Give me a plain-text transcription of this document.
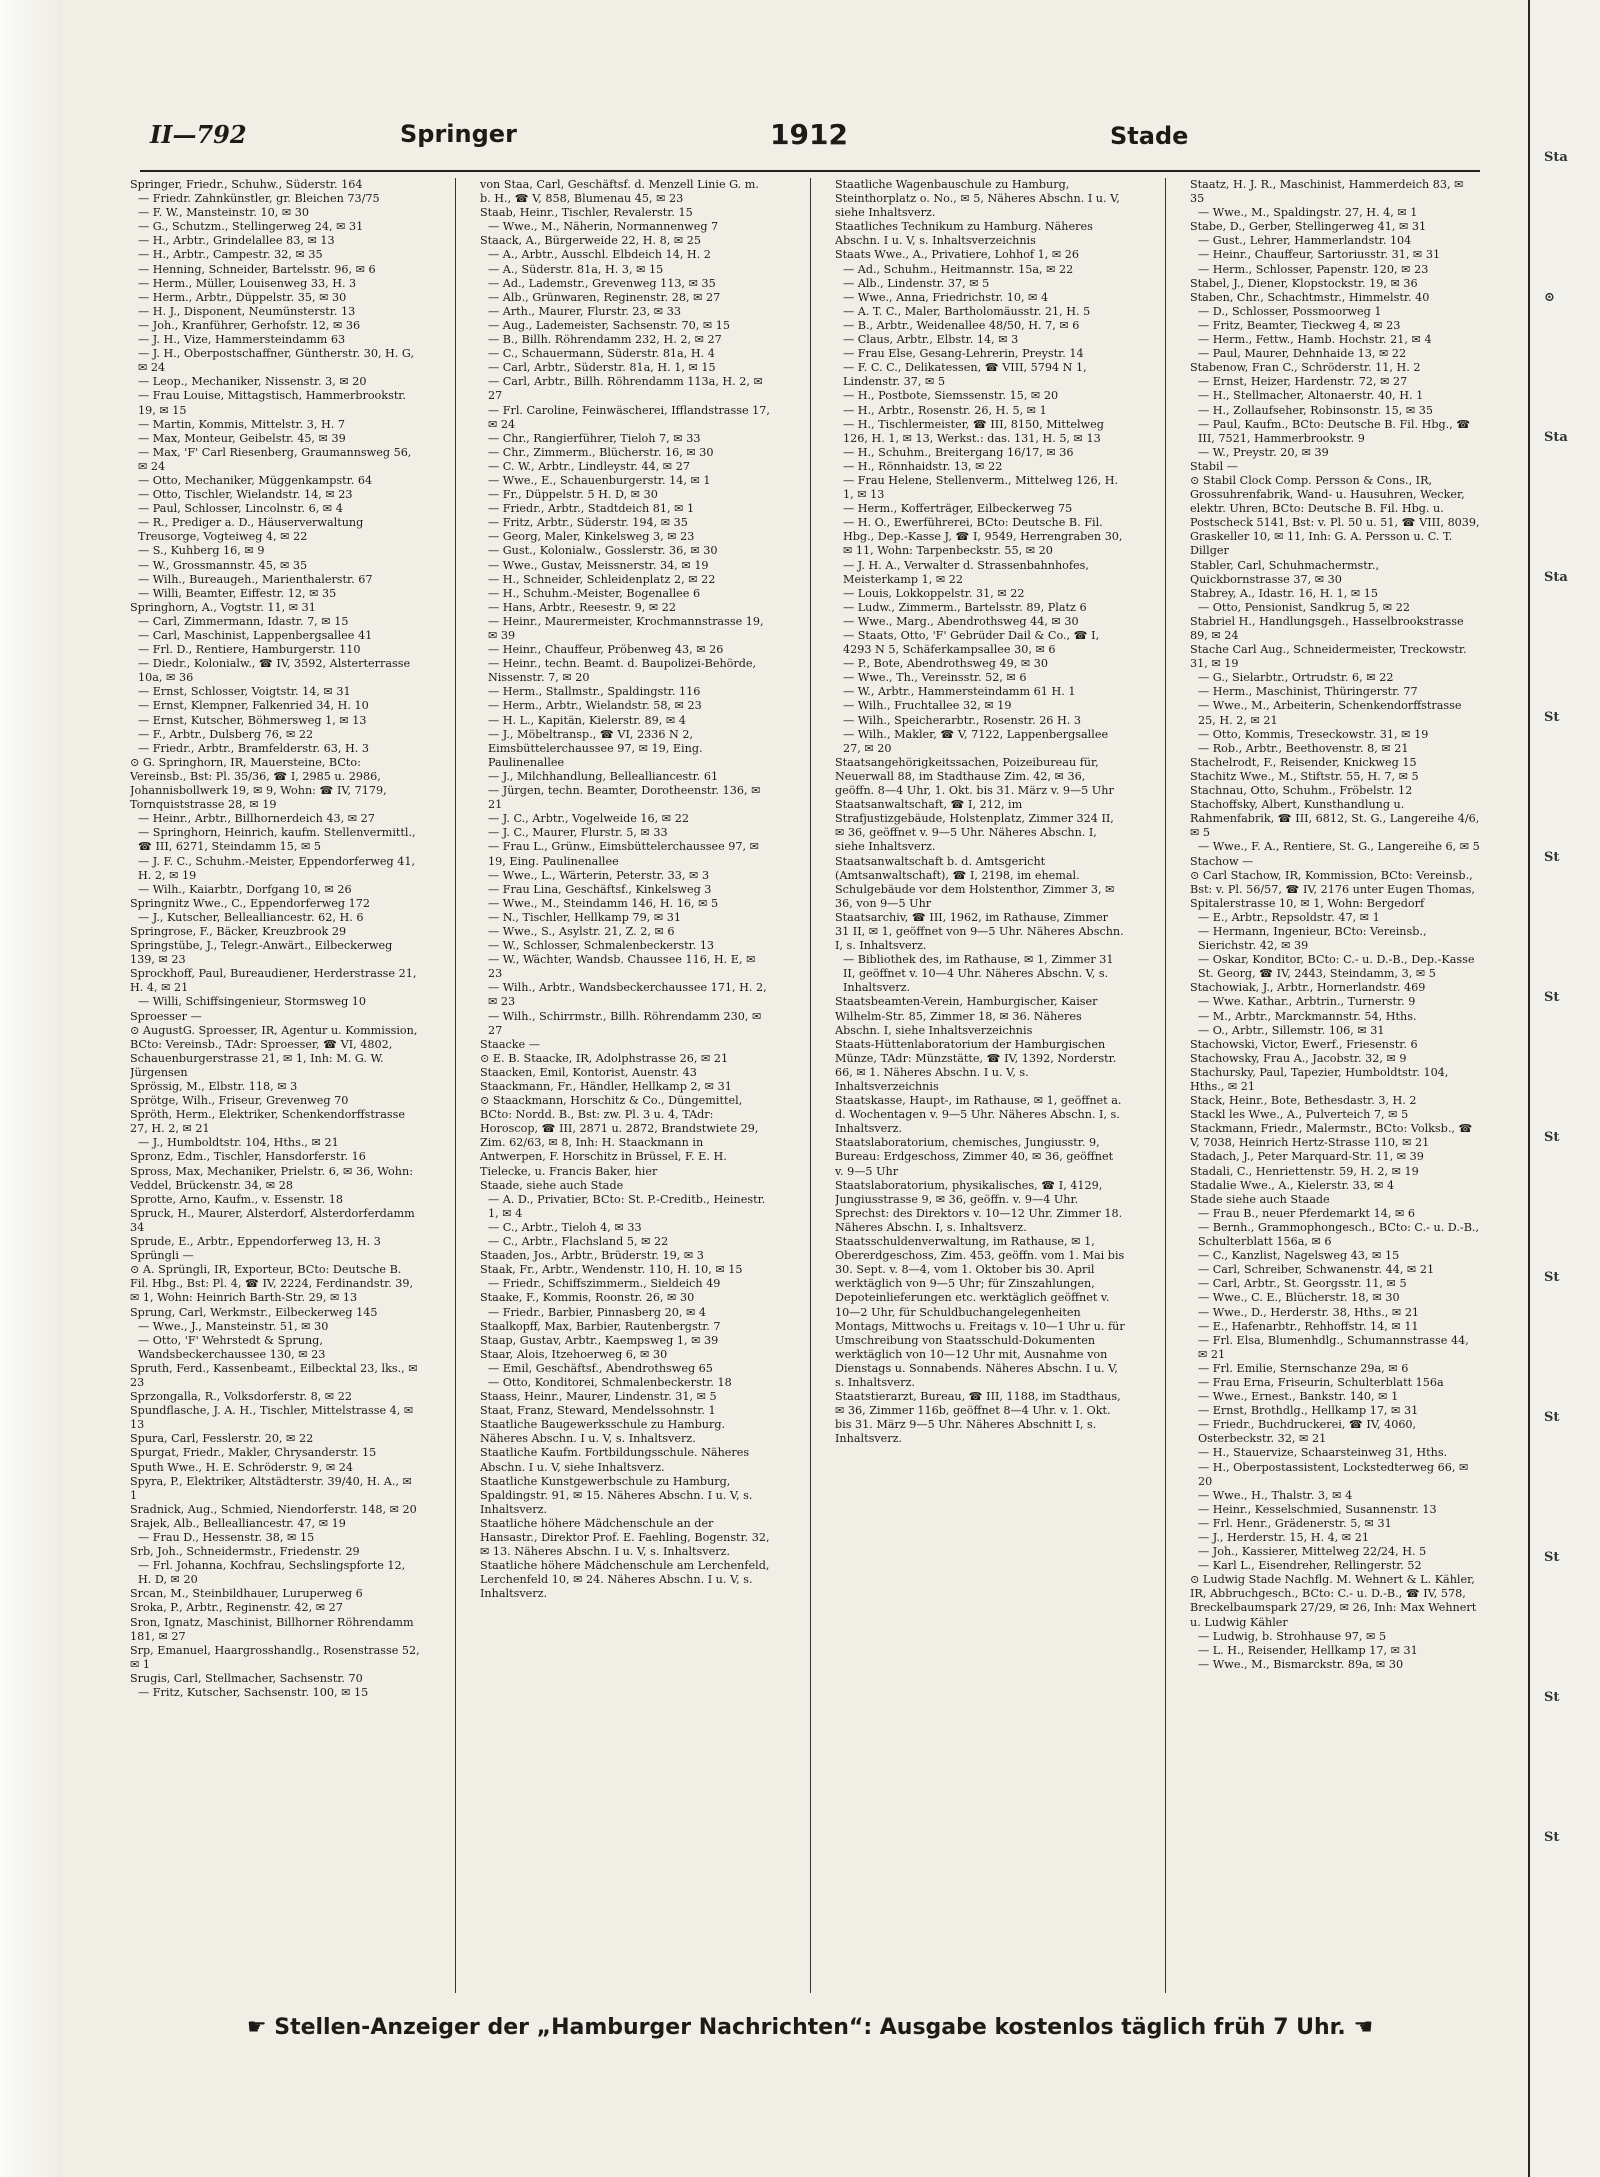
Sta
⊙
Sta
Sta
St
St
St
St
St
St
St
St
St
II—792	Springer	1912	Stade

Springer, Friedr., Schuhw., Süderstr. 164

— Friedr. Zahnkünstler, gr. Bleichen 73/75

— F. W., Mansteinstr. 10, ✉ 30

— G., Schutzm., Stellingerweg 24, ✉ 31

— H., Arbtr., Grindelallee 83, ✉ 13

— H., Arbtr., Campestr. 32, ✉ 35

— Henning, Schneider, Bartelsstr. 96, ✉ 6

— Herm., Müller, Louisenweg 33, H. 3

— Herm., Arbtr., Düppelstr. 35, ✉ 30

— H. J., Disponent, Neumünsterstr. 13

— Joh., Kranführer, Gerhofstr. 12, ✉ 36

— J. H., Vize, Hammersteindamm 63

— J. H., Oberpostschaffner, Güntherstr. 30, H. G, ✉ 24

— Leop., Mechaniker, Nissenstr. 3, ✉ 20

— Frau Louise, Mittagstisch, Hammerbrookstr. 19, ✉ 15

— Martin, Kommis, Mittelstr. 3, H. 7

— Max, Monteur, Geibelstr. 45, ✉ 39

— Max, 'F' Carl Riesenberg, Graumannsweg 56, ✉ 24

— Otto, Mechaniker, Müggenkampstr. 64

— Otto, Tischler, Wielandstr. 14, ✉ 23

— Paul, Schlosser, Lincolnstr. 6, ✉ 4

— R., Prediger a. D., Häuserverwaltung Treusorge, Vogteiweg 4, ✉ 22

— S., Kuhberg 16, ✉ 9

— W., Grossmannstr. 45, ✉ 35

— Wilh., Bureaugeh., Marienthalerstr. 67

— Willi, Beamter, Eiffestr. 12, ✉ 35

Springhorn, A., Vogtstr. 11, ✉ 31

— Carl, Zimmermann, Idastr. 7, ✉ 15

— Carl, Maschinist, Lappenbergsallee 41

— Frl. D., Rentiere, Hamburgerstr. 110

— Diedr., Kolonialw., ☎ IV, 3592, Alsterterrasse 10a, ✉ 36

— Ernst, Schlosser, Voigtstr. 14, ✉ 31

— Ernst, Klempner, Falkenried 34, H. 10

— Ernst, Kutscher, Böhmersweg 1, ✉ 13

— F., Arbtr., Dulsberg 76, ✉ 22

— Friedr., Arbtr., Bramfelderstr. 63, H. 3

⊙ G. Springhorn, IR, Mauersteine, BCto: Vereinsb., Bst: Pl. 35/36, ☎ I, 2985 u. 2986, Johannisbollwerk 19, ✉ 9, Wohn: ☎ IV, 7179, Tornquiststrasse 28, ✉ 19

— Heinr., Arbtr., Billhornerdeich 43, ✉ 27

— Springhorn, Heinrich, kaufm. Stellenvermittl., ☎ III, 6271, Steindamm 15, ✉ 5

— J. F. C., Schuhm.-Meister, Eppendorferweg 41, H. 2, ✉ 19

— Wilh., Kaiarbtr., Dorfgang 10, ✉ 26

Springnitz Wwe., C., Eppendorferweg 172

— J., Kutscher, Bellealliancestr. 62, H. 6

Springrose, F., Bäcker, Kreuzbrook 29

Springstübe, J., Telegr.-Anwärt., Eilbeckerweg 139, ✉ 23

Sprockhoff, Paul, Bureaudiener, Herderstrasse 21, H. 4, ✉ 21

— Willi, Schiffsingenieur, Stormsweg 10

Sproesser —

⊙ AugustG. Sproesser, IR, Agentur u. Kommission, BCto: Vereinsb., TAdr: Sproesser, ☎ VI, 4802, Schauenburgerstrasse 21, ✉ 1, Inh: M. G. W. Jürgensen

Sprössig, M., Elbstr. 118, ✉ 3

Sprötge, Wilh., Friseur, Grevenweg 70

Spröth, Herm., Elektriker, Schenkendorffstrasse 27, H. 2, ✉ 21

— J., Humboldtstr. 104, Hths., ✉ 21

Spronz, Edm., Tischler, Hansdorferstr. 16

Spross, Max, Mechaniker, Prielstr. 6, ✉ 36, Wohn: Veddel, Brückenstr. 34, ✉ 28

Sprotte, Arno, Kaufm., v. Essenstr. 18

Spruck, H., Maurer, Alsterdorf, Alsterdorferdamm 34

Sprude, E., Arbtr., Eppendorferweg 13, H. 3

Sprüngli —

⊙ A. Sprüngli, IR, Exporteur, BCto: Deutsche B. Fil. Hbg., Bst: Pl. 4, ☎ IV, 2224, Ferdinandstr. 39, ✉ 1, Wohn: Heinrich Barth-Str. 29, ✉ 13

Sprung, Carl, Werkmstr., Eilbeckerweg 145

— Wwe., J., Mansteinstr. 51, ✉ 30

— Otto, 'F' Wehrstedt & Sprung, Wandsbeckerchaussee 130, ✉ 23

Spruth, Ferd., Kassenbeamt., Eilbecktal 23, lks., ✉ 23

Sprzongalla, R., Volksdorferstr. 8, ✉ 22

Spundflasche, J. A. H., Tischler, Mittelstrasse 4, ✉ 13

Spura, Carl, Fesslerstr. 20, ✉ 22

Spurgat, Friedr., Makler, Chrysanderstr. 15

Sputh Wwe., H. E. Schröderstr. 9, ✉ 24

Spyra, P., Elektriker, Altstädterstr. 39/40, H. A., ✉ 1

Sradnick, Aug., Schmied, Niendorferstr. 148, ✉ 20

Srajek, Alb., Bellealliancestr. 47, ✉ 19

— Frau D., Hessenstr. 38, ✉ 15

Srb, Joh., Schneidermstr., Friedenstr. 29

— Frl. Johanna, Kochfrau, Sechslingspforte 12, H. D, ✉ 20

Srcan, M., Steinbildhauer, Luruperweg 6

Sroka, P., Arbtr., Reginenstr. 42, ✉ 27

Sron, Ignatz, Maschinist, Billhorner Röhrendamm 181, ✉ 27

Srp, Emanuel, Haargrosshandlg., Rosenstrasse 52, ✉ 1

Srugis, Carl, Stellmacher, Sachsenstr. 70

— Fritz, Kutscher, Sachsenstr. 100, ✉ 15

von Staa, Carl, Geschäftsf. d. Menzell Linie G. m. b. H., ☎ V, 858, Blumenau 45, ✉ 23

Staab, Heinr., Tischler, Revalerstr. 15

— Wwe., M., Näherin, Normannenweg 7

Staack, A., Bürgerweide 22, H. 8, ✉ 25

— A., Arbtr., Ausschl. Elbdeich 14, H. 2

— A., Süderstr. 81a, H. 3, ✉ 15

— Ad., Lademstr., Grevenweg 113, ✉ 35

— Alb., Grünwaren, Reginenstr. 28, ✉ 27

— Arth., Maurer, Flurstr. 23, ✉ 33

— Aug., Lademeister, Sachsenstr. 70, ✉ 15

— B., Billh. Röhrendamm 232, H. 2, ✉ 27

— C., Schauermann, Süderstr. 81a, H. 4

— Carl, Arbtr., Süderstr. 81a, H. 1, ✉ 15

— Carl, Arbtr., Billh. Röhrendamm 113a, H. 2, ✉ 27

— Frl. Caroline, Feinwäscherei, Ifflandstrasse 17, ✉ 24

— Chr., Rangierführer, Tieloh 7, ✉ 33

— Chr., Zimmerm., Blücherstr. 16, ✉ 30

— C. W., Arbtr., Lindleystr. 44, ✉ 27

— Wwe., E., Schauenburgerstr. 14, ✉ 1

— Fr., Düppelstr. 5 H. D, ✉ 30

— Friedr., Arbtr., Stadtdeich 81, ✉ 1

— Fritz, Arbtr., Süderstr. 194, ✉ 35

— Georg, Maler, Kinkelsweg 3, ✉ 23

— Gust., Kolonialw., Gosslerstr. 36, ✉ 30

— Wwe., Gustav, Meissnerstr. 34, ✉ 19

— H., Schneider, Schleidenplatz 2, ✉ 22

— H., Schuhm.-Meister, Bogenallee 6

— Hans, Arbtr., Reesestr. 9, ✉ 22

— Heinr., Maurermeister, Krochmannstrasse 19, ✉ 39

— Heinr., Chauffeur, Pröbenweg 43, ✉ 26

— Heinr., techn. Beamt. d. Baupolizei-Behörde, Nissenstr. 7, ✉ 20

— Herm., Stallmstr., Spaldingstr. 116

— Herm., Arbtr., Wielandstr. 58, ✉ 23

— H. L., Kapitän, Kielerstr. 89, ✉ 4

— J., Möbeltransp., ☎ VI, 2336 N 2, Eimsbüttelerchaussee 97, ✉ 19, Eing. Paulinenallee

— J., Milchhandlung, Bellealliancestr. 61

— Jürgen, techn. Beamter, Dorotheenstr. 136, ✉ 21

— J. C., Arbtr., Vogelweide 16, ✉ 22

— J. C., Maurer, Flurstr. 5, ✉ 33

— Frau L., Grünw., Eimsbüttelerchaussee 97, ✉ 19, Eing. Paulinenallee

— Wwe., L., Wärterin, Peterstr. 33, ✉ 3

— Frau Lina, Geschäftsf., Kinkelsweg 3

— Wwe., M., Steindamm 146, H. 16, ✉ 5

— N., Tischler, Hellkamp 79, ✉ 31

— Wwe., S., Asylstr. 21, Z. 2, ✉ 6

— W., Schlosser, Schmalenbeckerstr. 13

— W., Wächter, Wandsb. Chaussee 116, H. E, ✉ 23

— Wilh., Arbtr., Wandsbeckerchaussee 171, H. 2, ✉ 23

— Wilh., Schirrmstr., Billh. Röhrendamm 230, ✉ 27

Staacke —

⊙ E. B. Staacke, IR, Adolphstrasse 26, ✉ 21

Staacken, Emil, Kontorist, Auenstr. 43

Staackmann, Fr., Händler, Hellkamp 2, ✉ 31

⊙ Staackmann, Horschitz & Co., Düngemittel, BCto: Nordd. B., Bst: zw. Pl. 3 u. 4, TAdr: Horoscop, ☎ III, 2871 u. 2872, Brandstwiete 29, Zim. 62/63, ✉ 8, Inh: H. Staackmann in Antwerpen, F. Horschitz in Brüssel, F. E. H. Tielecke, u. Francis Baker, hier

Staade, siehe auch Stade

— A. D., Privatier, BCto: St. P.-Creditb., Heinestr. 1, ✉ 4

— C., Arbtr., Tieloh 4, ✉ 33

— C., Arbtr., Flachsland 5, ✉ 22

Staaden, Jos., Arbtr., Brüderstr. 19, ✉ 3

Staak, Fr., Arbtr., Wendenstr. 110, H. 10, ✉ 15

— Friedr., Schiffszimmerm., Sieldeich 49

Staake, F., Kommis, Roonstr. 26, ✉ 30

— Friedr., Barbier, Pinnasberg 20, ✉ 4

Staalkopff, Max, Barbier, Rautenbergstr. 7

Staap, Gustav, Arbtr., Kaempsweg 1, ✉ 39

Staar, Alois, Itzehoerweg 6, ✉ 30

— Emil, Geschäftsf., Abendrothsweg 65

— Otto, Konditorei, Schmalenbeckerstr. 18

Staass, Heinr., Maurer, Lindenstr. 31, ✉ 5

Staat, Franz, Steward, Mendelssohnstr. 1

Staatliche Baugewerksschule zu Hamburg. Näheres Abschn. I u. V, s. Inhaltsverz.

Staatliche Kaufm. Fortbildungsschule. Näheres Abschn. I u. V, siehe Inhaltsverz.

Staatliche Kunstgewerbschule zu Hamburg, Spaldingstr. 91, ✉ 15. Näheres Abschn. I u. V, s. Inhaltsverz.

Staatliche höhere Mädchenschule an der Hansastr., Direktor Prof. E. Faehling, Bogenstr. 32, ✉ 13. Näheres Abschn. I u. V, s. Inhaltsverz.

Staatliche höhere Mädchenschule am Lerchenfeld, Lerchenfeld 10, ✉ 24. Näheres Abschn. I u. V, s. Inhaltsverz.

Staatliche Wagenbauschule zu Hamburg, Steinthorplatz o. No., ✉ 5, Näheres Abschn. I u. V, siehe Inhaltsverz.

Staatliches Technikum zu Hamburg. Näheres Abschn. I u. V, s. Inhaltsverzeichnis

Staats Wwe., A., Privatiere, Lohhof 1, ✉ 26

— Ad., Schuhm., Heitmannstr. 15a, ✉ 22

— Alb., Lindenstr. 37, ✉ 5

— Wwe., Anna, Friedrichstr. 10, ✉ 4

— A. T. C., Maler, Bartholomäusstr. 21, H. 5

— B., Arbtr., Weidenallee 48/50, H. 7, ✉ 6

— Claus, Arbtr., Elbstr. 14, ✉ 3

— Frau Else, Gesang-Lehrerin, Preystr. 14

— F. C. C., Delikatessen, ☎ VIII, 5794 N 1, Lindenstr. 37, ✉ 5

— H., Postbote, Siemssenstr. 15, ✉ 20

— H., Arbtr., Rosenstr. 26, H. 5, ✉ 1

— H., Tischlermeister, ☎ III, 8150, Mittelweg 126, H. 1, ✉ 13, Werkst.: das. 131, H. 5, ✉ 13

— H., Schuhm., Breitergang 16/17, ✉ 36

— H., Rönnhaidstr. 13, ✉ 22

— Frau Helene, Stellenverm., Mittelweg 126, H. 1, ✉ 13

— Herm., Kofferträger, Eilbeckerweg 75

— H. O., Ewerführerei, BCto: Deutsche B. Fil. Hbg., Dep.-Kasse J, ☎ I, 9549, Herrengraben 30, ✉ 11, Wohn: Tarpenbeckstr. 55, ✉ 20

— J. H. A., Verwalter d. Strassenbahnhofes, Meisterkamp 1, ✉ 22

— Louis, Lokkoppelstr. 31, ✉ 22

— Ludw., Zimmerm., Bartelsstr. 89, Platz 6

— Wwe., Marg., Abendrothsweg 44, ✉ 30

— Staats, Otto, 'F' Gebrüder Dail & Co., ☎ I, 4293 N 5, Schäferkampsallee 30, ✉ 6

— P., Bote, Abendrothsweg 49, ✉ 30

— Wwe., Th., Vereinsstr. 52, ✉ 6

— W., Arbtr., Hammersteindamm 61 H. 1

— Wilh., Fruchtallee 32, ✉ 19

— Wilh., Speicherarbtr., Rosenstr. 26 H. 3

— Wilh., Makler, ☎ V, 7122, Lappenbergsallee 27, ✉ 20

Staatsangehörigkeitssachen, Poizeibureau für, Neuerwall 88, im Stadthause Zim. 42, ✉ 36, geöffn. 8—4 Uhr, 1. Okt. bis 31. März v. 9—5 Uhr

Staatsanwaltschaft, ☎ I, 212, im Strafjustizgebäude, Holstenplatz, Zimmer 324 II, ✉ 36, geöffnet v. 9—5 Uhr. Näheres Abschn. I, siehe Inhaltsverz.

Staatsanwaltschaft b. d. Amtsgericht (Amtsanwaltschaft), ☎ I, 2198, im ehemal. Schulgebäude vor dem Holstenthor, Zimmer 3, ✉ 36, von 9—5 Uhr

Staatsarchiv, ☎ III, 1962, im Rathause, Zimmer 31 II, ✉ 1, geöffnet von 9—5 Uhr. Näheres Abschn. I, s. Inhaltsverz.

— Bibliothek des, im Rathause, ✉ 1, Zimmer 31 II, geöffnet v. 10—4 Uhr. Näheres Abschn. V, s. Inhaltsverz.

Staatsbeamten-Verein, Hamburgischer, Kaiser Wilhelm-Str. 85, Zimmer 18, ✉ 36. Näheres Abschn. I, siehe Inhaltsverzeichnis

Staats-Hüttenlaboratorium der Hamburgischen Münze, TAdr: Münzstätte, ☎ IV, 1392, Norderstr. 66, ✉ 1. Näheres Abschn. I u. V, s. Inhaltsverzeichnis

Staatskasse, Haupt-, im Rathause, ✉ 1, geöffnet a. d. Wochentagen v. 9—5 Uhr. Näheres Abschn. I, s. Inhaltsverz.

Staatslaboratorium, chemisches, Jungiusstr. 9, Bureau: Erdgeschoss, Zimmer 40, ✉ 36, geöffnet v. 9—5 Uhr

Staatslaboratorium, physikalisches, ☎ I, 4129, Jungiusstrasse 9, ✉ 36, geöffn. v. 9—4 Uhr. Sprechst: des Direktors v. 10—12 Uhr. Zimmer 18. Näheres Abschn. I, s. Inhaltsverz.

Staatsschuldenverwaltung, im Rathause, ✉ 1, Obererdgeschoss, Zim. 453, geöffn. vom 1. Mai bis 30. Sept. v. 8—4, vom 1. Oktober bis 30. April werktäglich von 9—5 Uhr; für Zinszahlungen, Depoteinlieferungen etc. werktäglich geöffnet v. 10—2 Uhr, für Schuldbuchangelegenheiten Montags, Mittwochs u. Freitags v. 10—1 Uhr u. für Umschreibung von Staatsschuld-Dokumenten werktäglich von 10—12 Uhr mit, Ausnahme von Dienstags u. Sonnabends. Näheres Abschn. I u. V, s. Inhaltsverz.

Staatstierarzt, Bureau, ☎ III, 1188, im Stadthaus, ✉ 36, Zimmer 116b, geöffnet 8—4 Uhr. v. 1. Okt. bis 31. März 9—5 Uhr. Näheres Abschnitt I, s. Inhaltsverz.

Staatz, H. J. R., Maschinist, Hammerdeich 83, ✉ 35

— Wwe., M., Spaldingstr. 27, H. 4, ✉ 1

Stabe, D., Gerber, Stellingerweg 41, ✉ 31

— Gust., Lehrer, Hammerlandstr. 104

— Heinr., Chauffeur, Sartoriusstr. 31, ✉ 31

— Herm., Schlosser, Papenstr. 120, ✉ 23

Stabel, J., Diener, Klopstockstr. 19, ✉ 36

Staben, Chr., Schachtmstr., Himmelstr. 40

— D., Schlosser, Possmoorweg 1

— Fritz, Beamter, Tieckweg 4, ✉ 23

— Herm., Fettw., Hamb. Hochstr. 21, ✉ 4

— Paul, Maurer, Dehnhaide 13, ✉ 22

Stabenow, Fran C., Schröderstr. 11, H. 2

— Ernst, Heizer, Hardenstr. 72, ✉ 27

— H., Stellmacher, Altonaerstr. 40, H. 1

— H., Zollaufseher, Robinsonstr. 15, ✉ 35

— Paul, Kaufm., BCto: Deutsche B. Fil. Hbg., ☎ III, 7521, Hammerbrookstr. 9

— W., Preystr. 20, ✉ 39

Stabil —

⊙ Stabil Clock Comp. Persson & Cons., IR, Grossuhrenfabrik, Wand- u. Hausuhren, Wecker, elektr. Uhren, BCto: Deutsche B. Fil. Hbg. u. Postscheck 5141, Bst: v. Pl. 50 u. 51, ☎ VIII, 8039, Graskeller 10, ✉ 11, Inh: G. A. Persson u. C. T. Dillger

Stabler, Carl, Schuhmachermstr., Quickbornstrasse 37, ✉ 30

Stabrey, A., Idastr. 16, H. 1, ✉ 15

— Otto, Pensionist, Sandkrug 5, ✉ 22

Stabriel H., Handlungsgeh., Hasselbrookstrasse 89, ✉ 24

Stache Carl Aug., Schneidermeister, Treckowstr. 31, ✉ 19

— G., Sielarbtr., Ortrudstr. 6, ✉ 22

— Herm., Maschinist, Thüringerstr. 77

— Wwe., M., Arbeiterin, Schenkendorffstrasse 25, H. 2, ✉ 21

— Otto, Kommis, Treseckowstr. 31, ✉ 19

— Rob., Arbtr., Beethovenstr. 8, ✉ 21

Stachelrodt, F., Reisender, Knickweg 15

Stachitz Wwe., M., Stiftstr. 55, H. 7, ✉ 5

Stachnau, Otto, Schuhm., Fröbelstr. 12

Stachoffsky, Albert, Kunsthandlung u. Rahmenfabrik, ☎ III, 6812, St. G., Langereihe 4/6, ✉ 5

— Wwe., F. A., Rentiere, St. G., Langereihe 6, ✉ 5

Stachow —

⊙ Carl Stachow, IR, Kommission, BCto: Vereinsb., Bst: v. Pl. 56/57, ☎ IV, 2176 unter Eugen Thomas, Spitalerstrasse 10, ✉ 1, Wohn: Bergedorf

— E., Arbtr., Repsoldstr. 47, ✉ 1

— Hermann, Ingenieur, BCto: Vereinsb., Sierichstr. 42, ✉ 39

— Oskar, Konditor, BCto: C.- u. D.-B., Dep.-Kasse St. Georg, ☎ IV, 2443, Steindamm, 3, ✉ 5

Stachowiak, J., Arbtr., Hornerlandstr. 469

— Wwe. Kathar., Arbtrin., Turnerstr. 9

— M., Arbtr., Marckmannstr. 54, Hths.

— O., Arbtr., Sillemstr. 106, ✉ 31

Stachowski, Victor, Ewerf., Friesenstr. 6

Stachowsky, Frau A., Jacobstr. 32, ✉ 9

Stachursky, Paul, Tapezier, Humboldtstr. 104, Hths., ✉ 21

Stack, Heinr., Bote, Bethesdastr. 3, H. 2

Stackl les Wwe., A., Pulverteich 7, ✉ 5

Stackmann, Friedr., Malermstr., BCto: Volksb., ☎ V, 7038, Heinrich Hertz-Strasse 110, ✉ 21

Stadach, J., Peter Marquard-Str. 11, ✉ 39

Stadali, C., Henriettenstr. 59, H. 2, ✉ 19

Stadalie Wwe., A., Kielerstr. 33, ✉ 4

Stade siehe auch Staade

— Frau B., neuer Pferdemarkt 14, ✉ 6

— Bernh., Grammophongesch., BCto: C.- u. D.-B., Schulterblatt 156a, ✉ 6

— C., Kanzlist, Nagelsweg 43, ✉ 15

— Carl, Schreiber, Schwanenstr. 44, ✉ 21

— Carl, Arbtr., St. Georgsstr. 11, ✉ 5

— Wwe., C. E., Blücherstr. 18, ✉ 30

— Wwe., D., Herderstr. 38, Hths., ✉ 21

— E., Hafenarbtr., Rehhoffstr. 14, ✉ 11

— Frl. Elsa, Blumenhdlg., Schumannstrasse 44, ✉ 21

— Frl. Emilie, Sternschanze 29a, ✉ 6

— Frau Erna, Friseurin, Schulterblatt 156a

— Wwe., Ernest., Bankstr. 140, ✉ 1

— Ernst, Brothdlg., Hellkamp 17, ✉ 31

— Friedr., Buchdruckerei, ☎ IV, 4060, Osterbeckstr. 32, ✉ 21

— H., Stauervize, Schaarsteinweg 31, Hths.

— H., Oberpostassistent, Lockstedterweg 66, ✉ 20

— Wwe., H., Thalstr. 3, ✉ 4

— Heinr., Kesselschmied, Susannenstr. 13

— Frl. Henr., Grädenerstr. 5, ✉ 31

— J., Herderstr. 15, H. 4, ✉ 21

— Joh., Kassierer, Mittelweg 22/24, H. 5

— Karl L., Eisendreher, Rellingerstr. 52

⊙ Ludwig Stade Nachflg. M. Wehnert & L. Kähler, IR, Abbruchgesch., BCto: C.- u. D.-B., ☎ IV, 578, Breckelbaumspark 27/29, ✉ 26, Inh: Max Wehnert u. Ludwig Kähler

— Ludwig, b. Strohhause 97, ✉ 5

— L. H., Reisender, Hellkamp 17, ✉ 31

— Wwe., M., Bismarckstr. 89a, ✉ 30

☛ Stellen-Anzeiger der „Hamburger Nachrichten“: Ausgabe kostenlos täglich früh 7 Uhr. ☚
